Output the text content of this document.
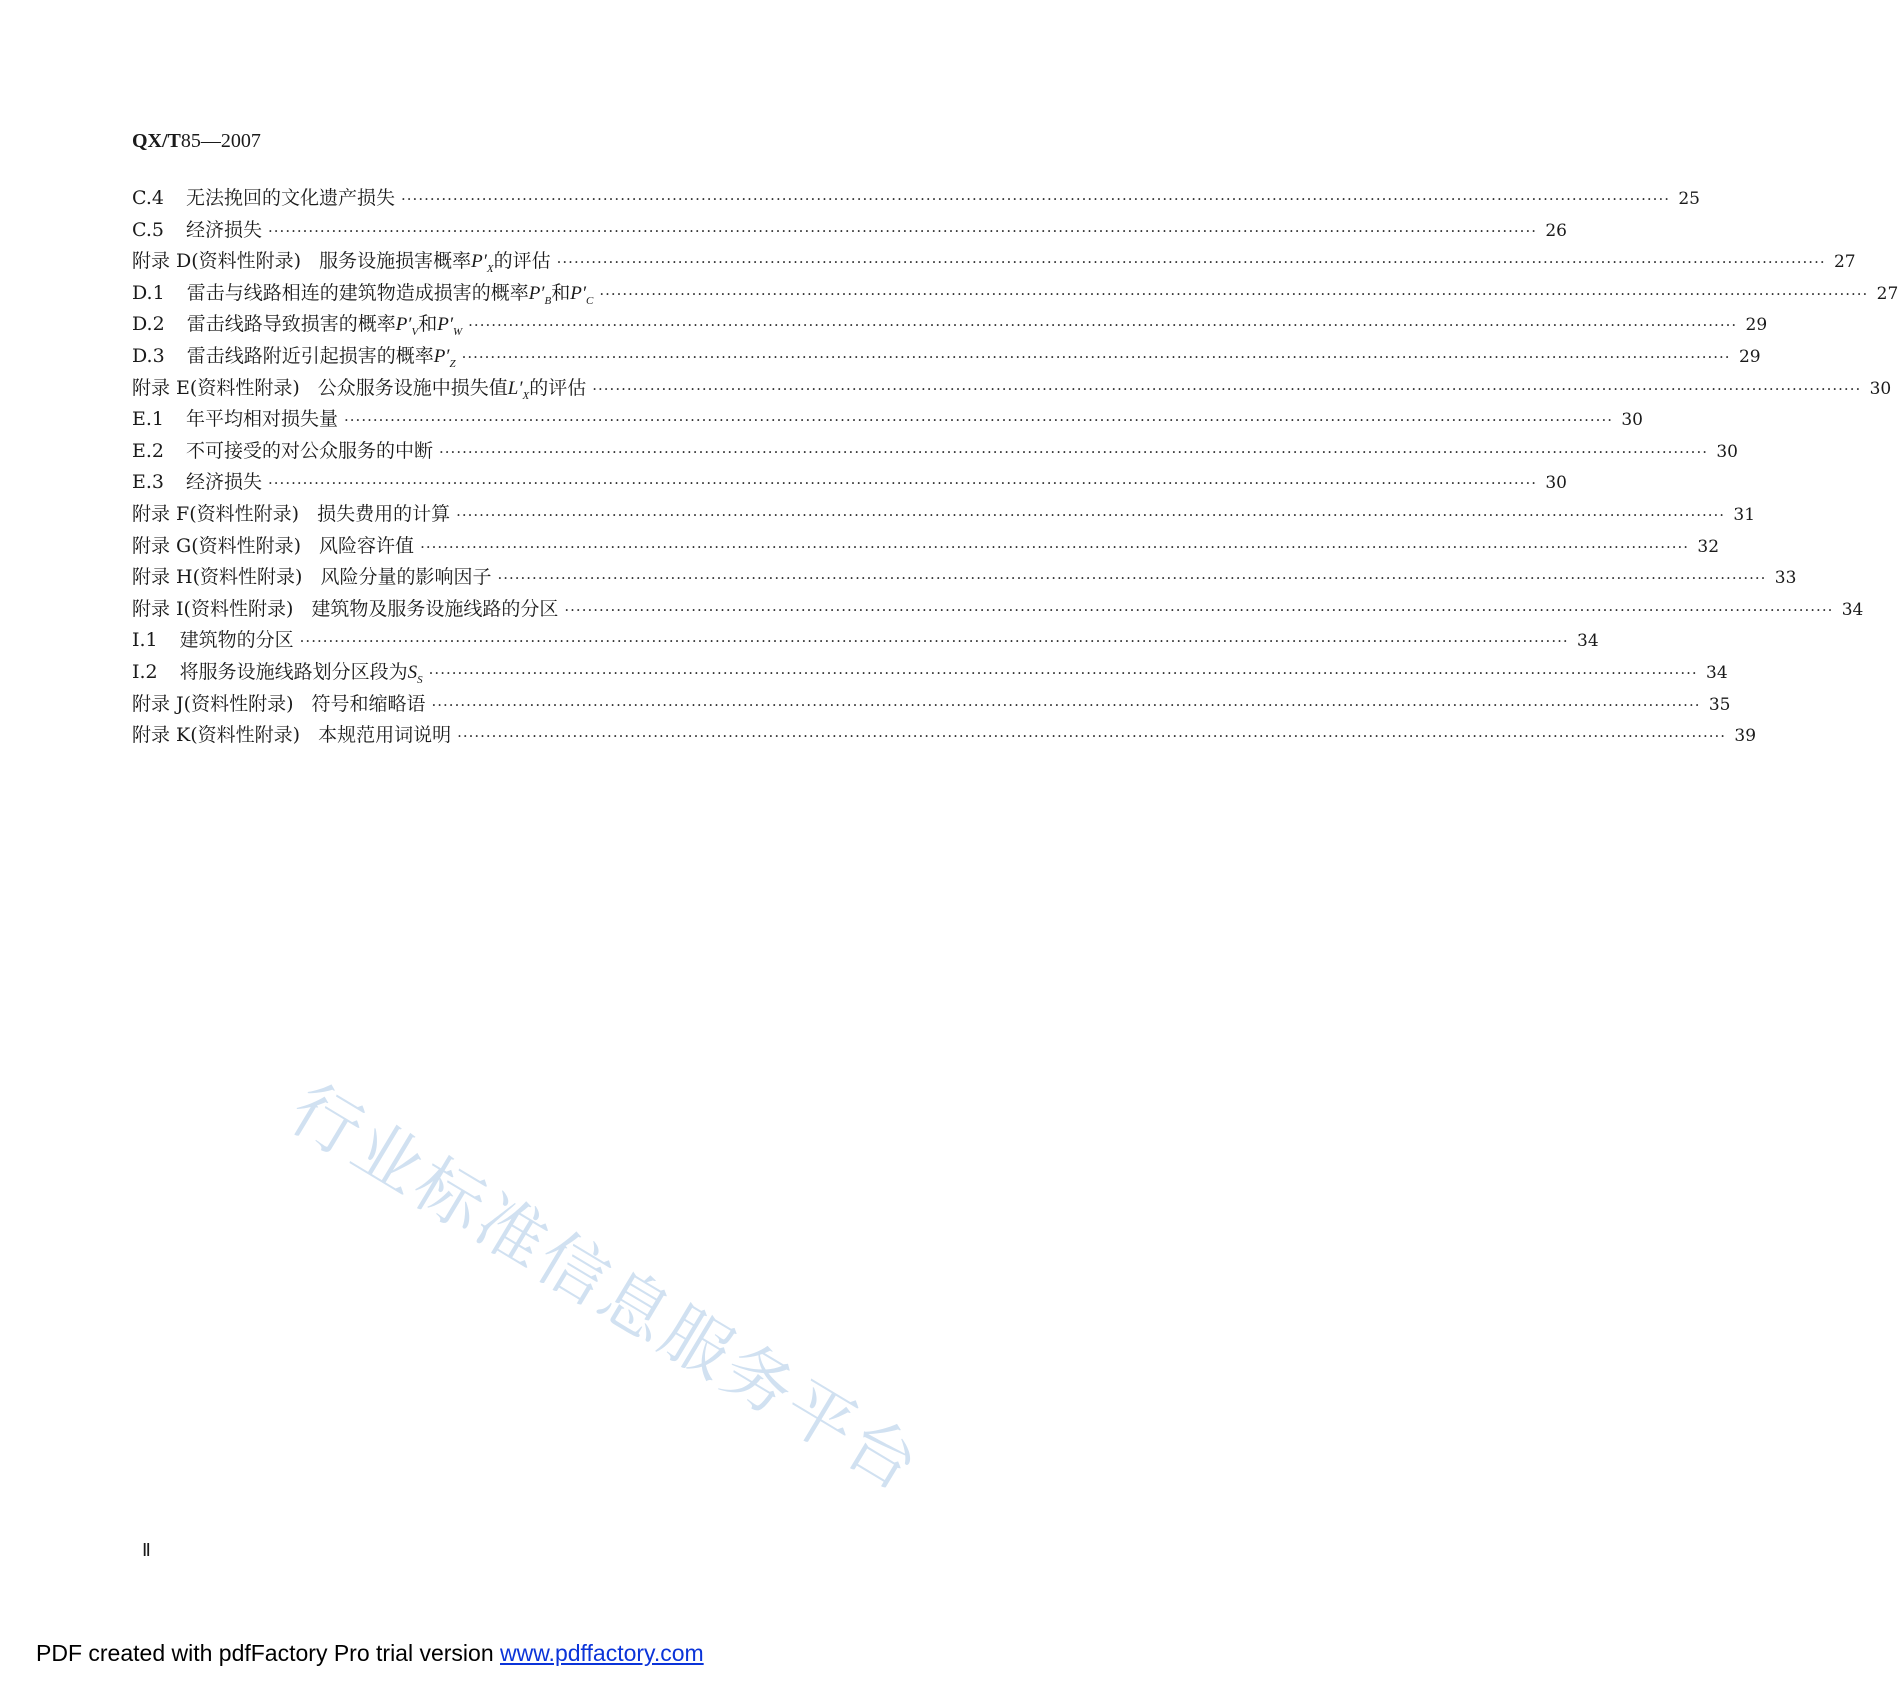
QX/T85—2007
C.4 无法挽回的文化遗产损失 ···························································································································································································································· 25
C.5 经济损失 ···························································································································································································································· 26
附录 D(资料性附录) 服务设施损害概率$P'_X$的评估 ···························································································································································································································· 27
D.1 雷击与线路相连的建筑物造成损害的概率$P'_B$和$P'_C$ ···························································································································································································································· 27
D.2 雷击线路导致损害的概率$P'_V$和$P'_W$ ···························································································································································································································· 29
D.3 雷击线路附近引起损害的概率$P'_Z$ ···························································································································································································································· 29
附录 E(资料性附录) 公众服务设施中损失值$L'_X$的评估 ···························································································································································································································· 30
E.1 年平均相对损失量 ···························································································································································································································· 30
E.2 不可接受的对公众服务的中断 ···························································································································································································································· 30
E.3 经济损失 ···························································································································································································································· 30
附录 F(资料性附录) 损失费用的计算 ···························································································································································································································· 31
附录 G(资料性附录) 风险容许值 ···························································································································································································································· 32
附录 H(资料性附录) 风险分量的影响因子 ···························································································································································································································· 33
附录 I(资料性附录) 建筑物及服务设施线路的分区 ···························································································································································································································· 34
I.1 建筑物的分区 ···························································································································································································································· 34
I.2 将服务设施线路划分区段为$S_S$ ···························································································································································································································· 34
附录 J(资料性附录) 符号和缩略语 ···························································································································································································································· 35
附录 K(资料性附录) 本规范用词说明 ···························································································································································································································· 39
行业标准信息服务平台
Ⅱ
PDF created with pdfFactory Pro trial version www.pdffactory.com
